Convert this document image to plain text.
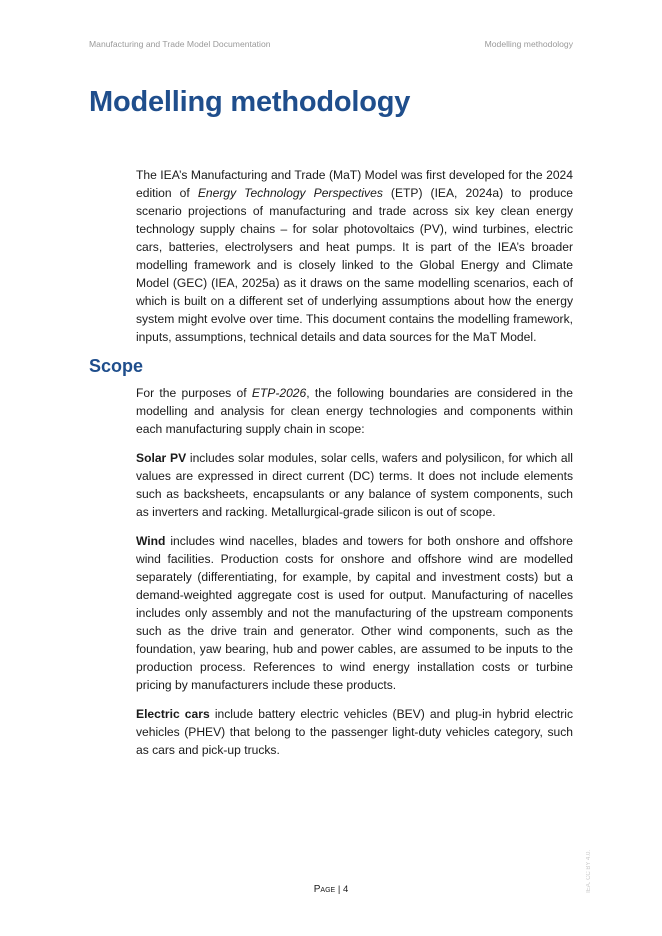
Manufacturing and Trade Model Documentation	Modelling methodology
Modelling methodology

The IEA’s Manufacturing and Trade (MaT) Model was first developed for the 2024 edition of Energy Technology Perspectives (ETP) (IEA, 2024a) to produce scenario projections of manufacturing and trade across six key clean energy technology supply chains – for solar photovoltaics (PV), wind turbines, electric cars, batteries, electrolysers and heat pumps. It is part of the IEA’s broader modelling framework and is closely linked to the Global Energy and Climate Model (GEC) (IEA, 2025a) as it draws on the same modelling scenarios, each of which is built on a different set of underlying assumptions about how the energy system might evolve over time. This document contains the modelling framework, inputs, assumptions, technical details and data sources for the MaT Model.

Scope

For the purposes of ETP-2026, the following boundaries are considered in the modelling and analysis for clean energy technologies and components within each manufacturing supply chain in scope:

Solar PV includes solar modules, solar cells, wafers and polysilicon, for which all values are expressed in direct current (DC) terms. It does not include elements such as backsheets, encapsulants or any balance of system components, such as inverters and racking. Metallurgical-grade silicon is out of scope.

Wind includes wind nacelles, blades and towers for both onshore and offshore wind facilities. Production costs for onshore and offshore wind are modelled separately (differentiating, for example, by capital and investment costs) but a demand-weighted aggregate cost is used for output. Manufacturing of nacelles includes only assembly and not the manufacturing of the upstream components such as the drive train and generator. Other wind components, such as the foundation, yaw bearing, hub and power cables, are assumed to be inputs to the production process. References to wind energy installation costs or turbine pricing by manufacturers include these products.

Electric cars include battery electric vehicles (BEV) and plug-in hybrid electric vehicles (PHEV) that belong to the passenger light-duty vehicles category, such as cars and pick-up trucks.

Page | 4	IEA. CC BY 4.0.
